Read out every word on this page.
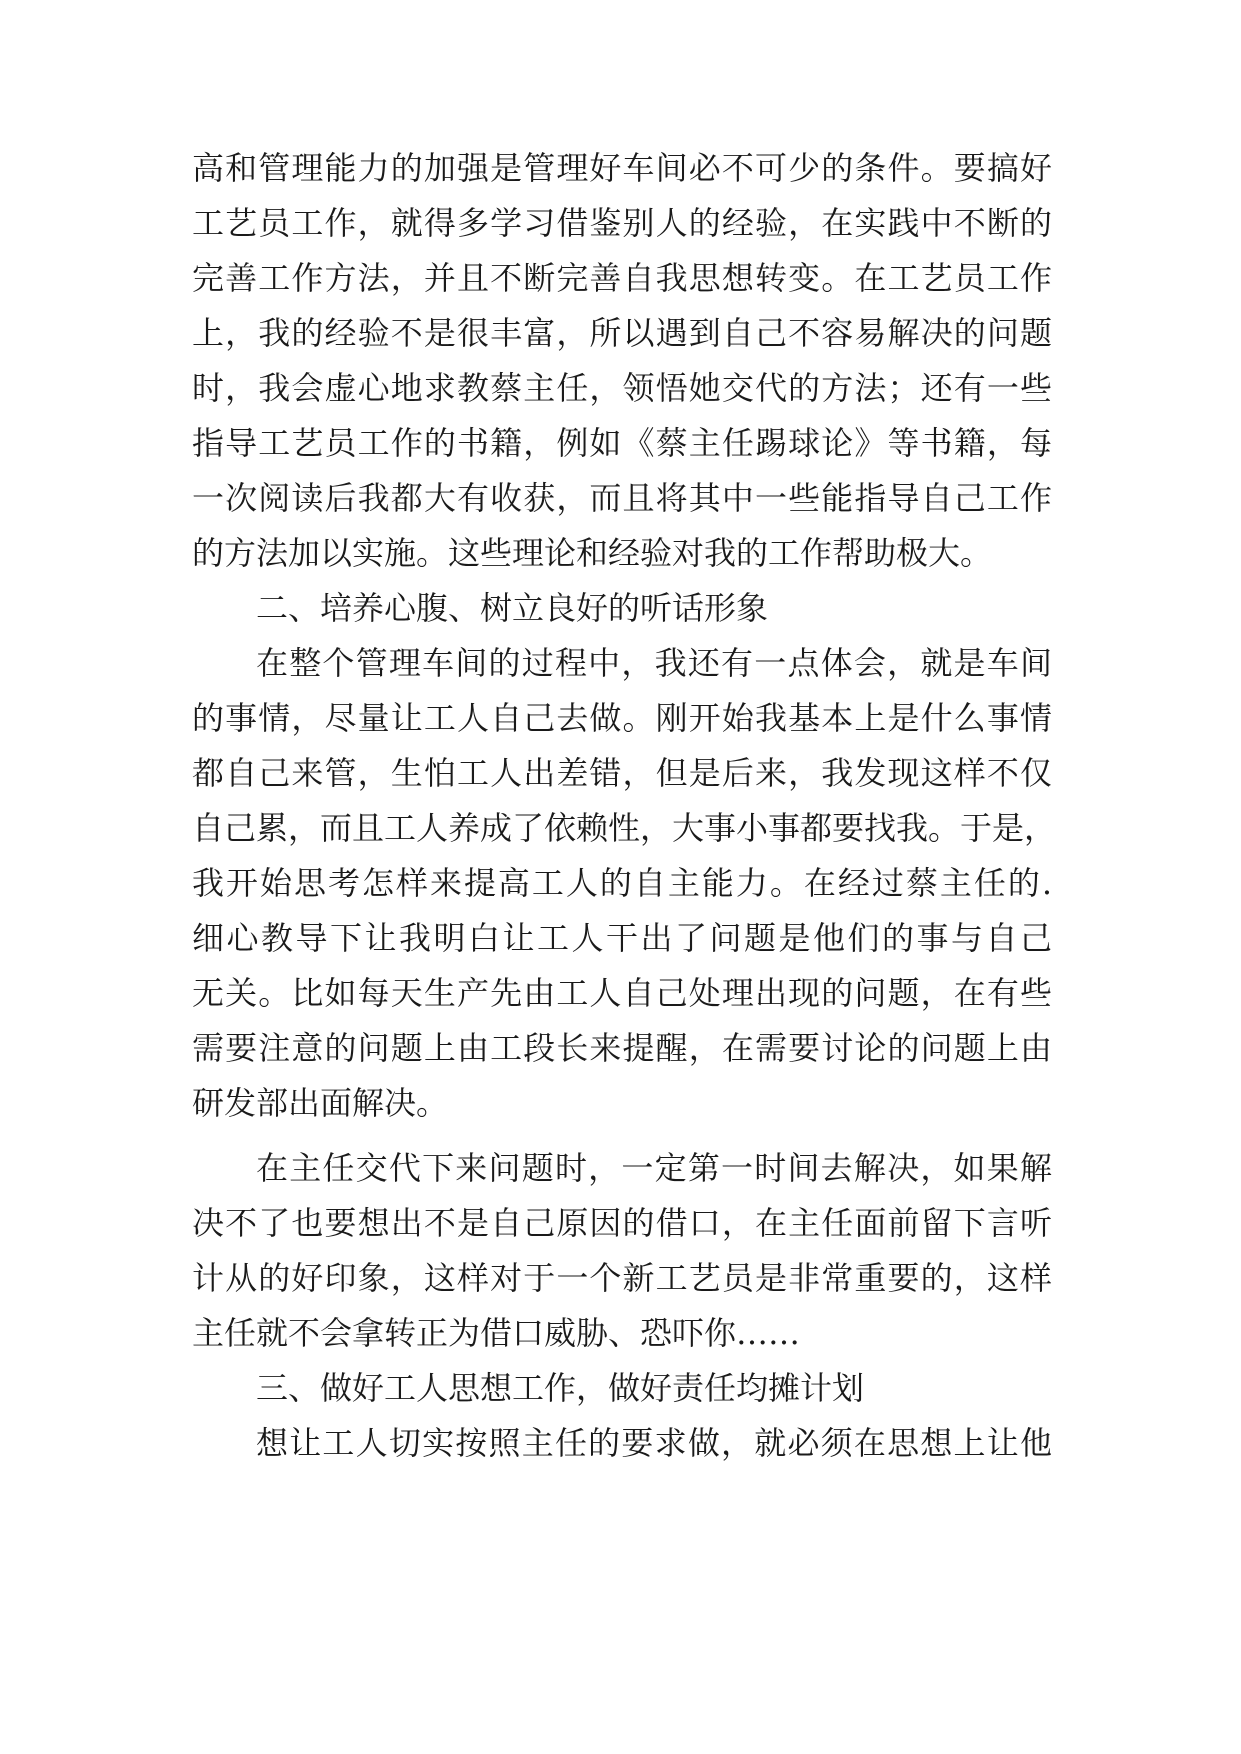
高和管理能力的加强是管理好车间必不可少的条件。要搞好
工艺员工作，就得多学习借鉴别人的经验，在实践中不断的
完善工作方法，并且不断完善自我思想转变。在工艺员工作
上，我的经验不是很丰富，所以遇到自己不容易解决的问题
时，我会虚心地求教蔡主任，领悟她交代的方法；还有一些
指导工艺员工作的书籍，例如《蔡主任踢球论》等书籍，每
一次阅读后我都大有收获，而且将其中一些能指导自己工作
的方法加以实施。这些理论和经验对我的工作帮助极大。
二、培养心腹、树立良好的听话形象
在整个管理车间的过程中，我还有一点体会，就是车间
的事情，尽量让工人自己去做。刚开始我基本上是什么事情
都自己来管，生怕工人出差错，但是后来，我发现这样不仅
自己累，而且工人养成了依赖性，大事小事都要找我。于是，
我开始思考怎样来提高工人的自主能力。在经过蔡主任的.
细心教导下让我明白让工人干出了问题是他们的事与自己
无关。比如每天生产先由工人自己处理出现的问题，在有些
需要注意的问题上由工段长来提醒，在需要讨论的问题上由
研发部出面解决。
在主任交代下来问题时，一定第一时间去解决，如果解
决不了也要想出不是自己原因的借口，在主任面前留下言听
计从的好印象，这样对于一个新工艺员是非常重要的，这样
主任就不会拿转正为借口威胁、恐吓你……
三、做好工人思想工作，做好责任均摊计划
想让工人切实按照主任的要求做，就必须在思想上让他
